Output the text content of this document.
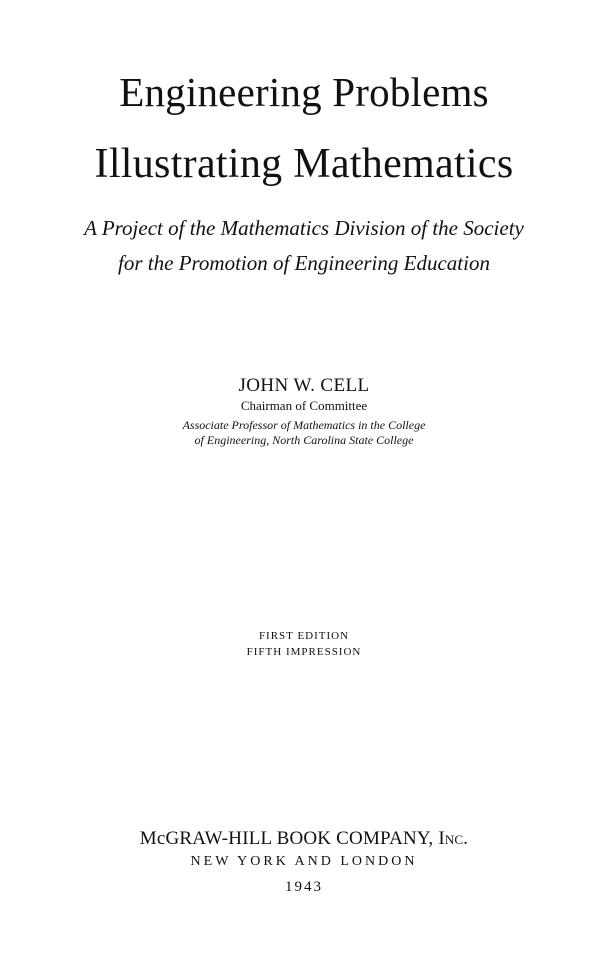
Engineering Problems
Illustrating Mathematics
A Project of the Mathematics Division of the Society
for the Promotion of Engineering Education
JOHN W. CELL
Chairman of Committee
Associate Professor of Mathematics in the College
of Engineering, North Carolina State College
FIRST EDITION
FIFTH IMPRESSION
McGRAW-HILL BOOK COMPANY, Inc.
NEW YORK AND LONDON
1943
